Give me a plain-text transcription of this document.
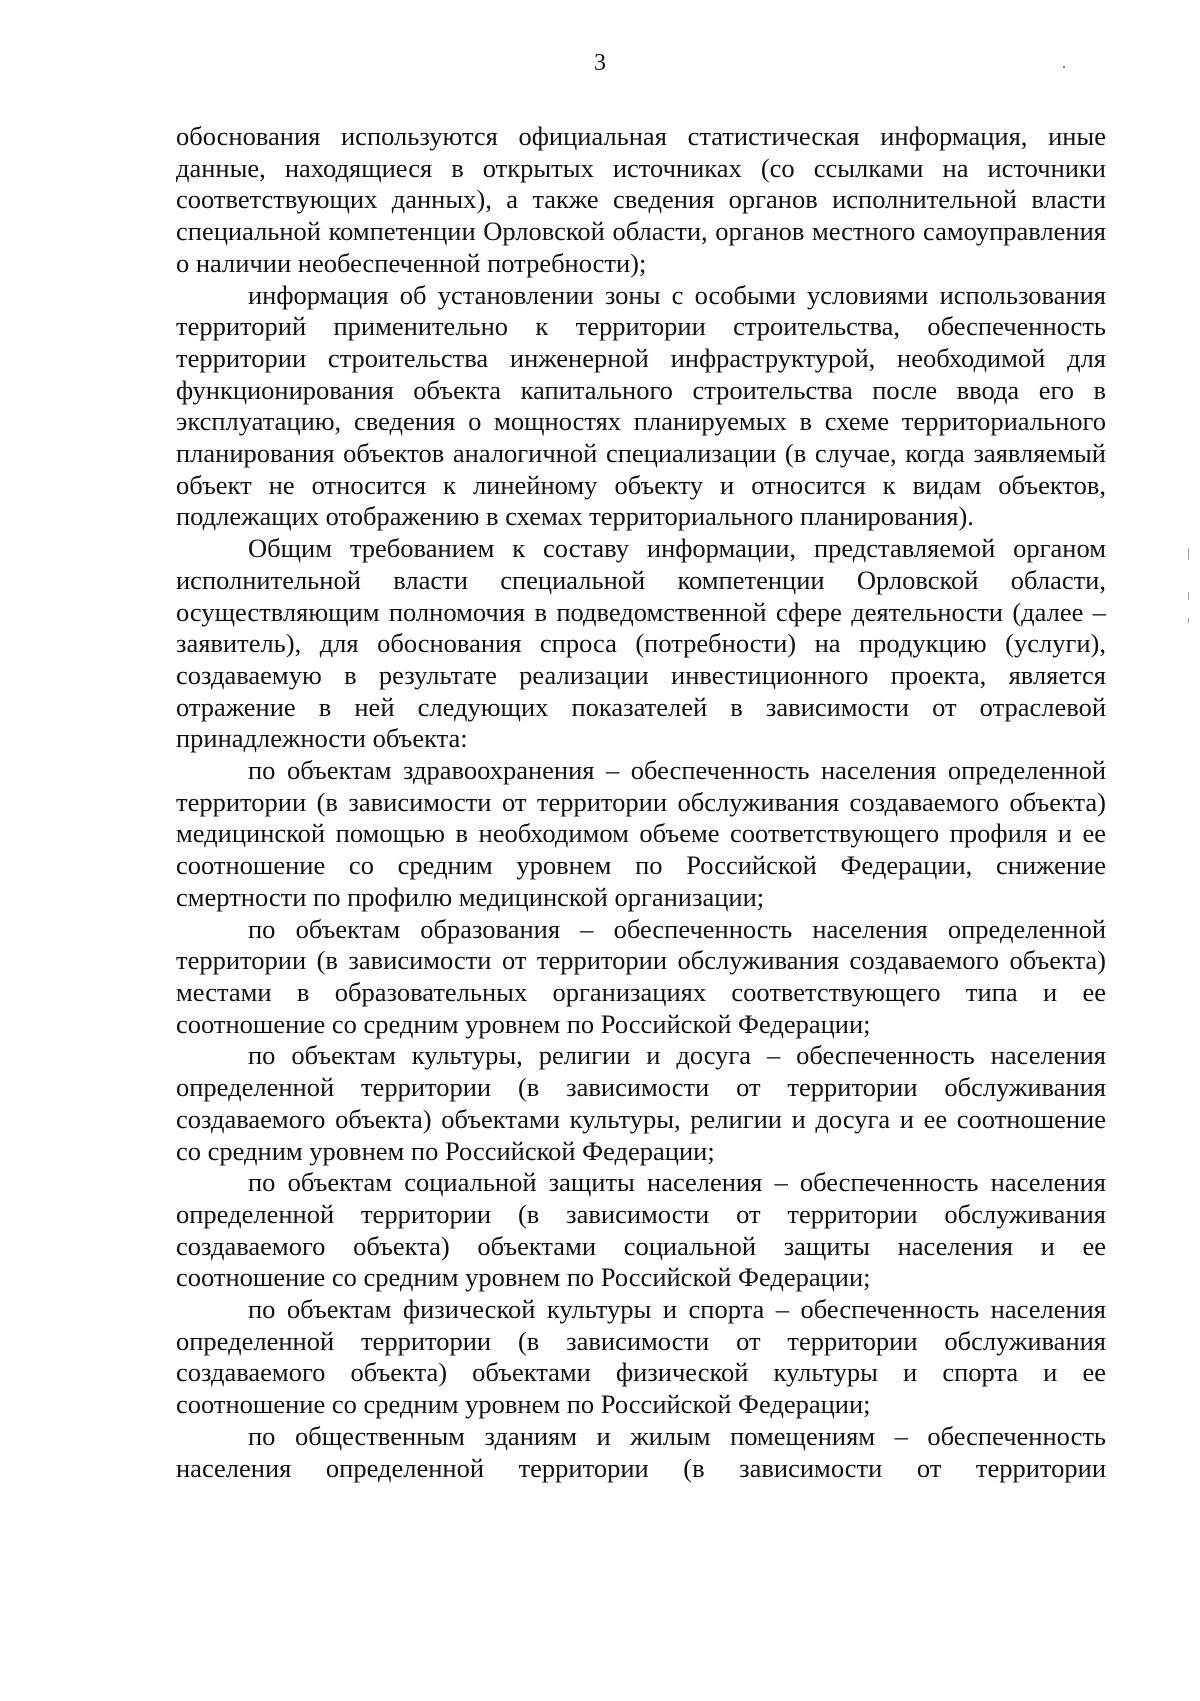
3

обоснования используются официальная статистическая информация, иные данные, находящиеся в открытых источниках (со ссылками на источники соответствующих данных), а также сведения органов исполнительной власти специальной компетенции Орловской области, органов местного самоуправления о наличии необеспеченной потребности);

информация об установлении зоны с особыми условиями использования территорий применительно к территории строительства, обеспеченность территории строительства инженерной инфраструктурой, необходимой для функционирования объекта капитального строительства после ввода его в эксплуатацию, сведения о мощностях планируемых в схеме территориального планирования объектов аналогичной специализации (в случае, когда заявляемый объект не относится к линейному объекту и относится к видам объектов, подлежащих отображению в схемах территориального планирования).

Общим требованием к составу информации, представляемой органом исполнительной власти специальной компетенции Орловской области, осуществляющим полномочия в подведомственной сфере деятельности (далее – заявитель), для обоснования спроса (потребности) на продукцию (услуги), создаваемую в результате реализации инвестиционного проекта, является отражение в ней следующих показателей в зависимости от отраслевой принадлежности объекта:

по объектам здравоохранения – обеспеченность населения определенной территории (в зависимости от территории обслуживания создаваемого объекта) медицинской помощью в необходимом объеме соответствующего профиля и ее соотношение со средним уровнем по Российской Федерации, снижение смертности по профилю медицинской организации;

по объектам образования – обеспеченность населения определенной территории (в зависимости от территории обслуживания создаваемого объекта) местами в образовательных организациях соответствующего типа и ее соотношение со средним уровнем по Российской Федерации;

по объектам культуры, религии и досуга – обеспеченность населения определенной территории (в зависимости от территории обслуживания создаваемого объекта) объектами культуры, религии и досуга и ее соотношение со средним уровнем по Российской Федерации;

по объектам социальной защиты населения – обеспеченность населения определенной территории (в зависимости от территории обслуживания создаваемого объекта) объектами социальной защиты населения и ее соотношение со средним уровнем по Российской Федерации;

по объектам физической культуры и спорта – обеспеченность населения определенной территории (в зависимости от территории обслуживания создаваемого объекта) объектами физической культуры и спорта и ее соотношение со средним уровнем по Российской Федерации;

по общественным зданиям и жилым помещениям – обеспеченность населения определенной территории (в зависимости от территории
